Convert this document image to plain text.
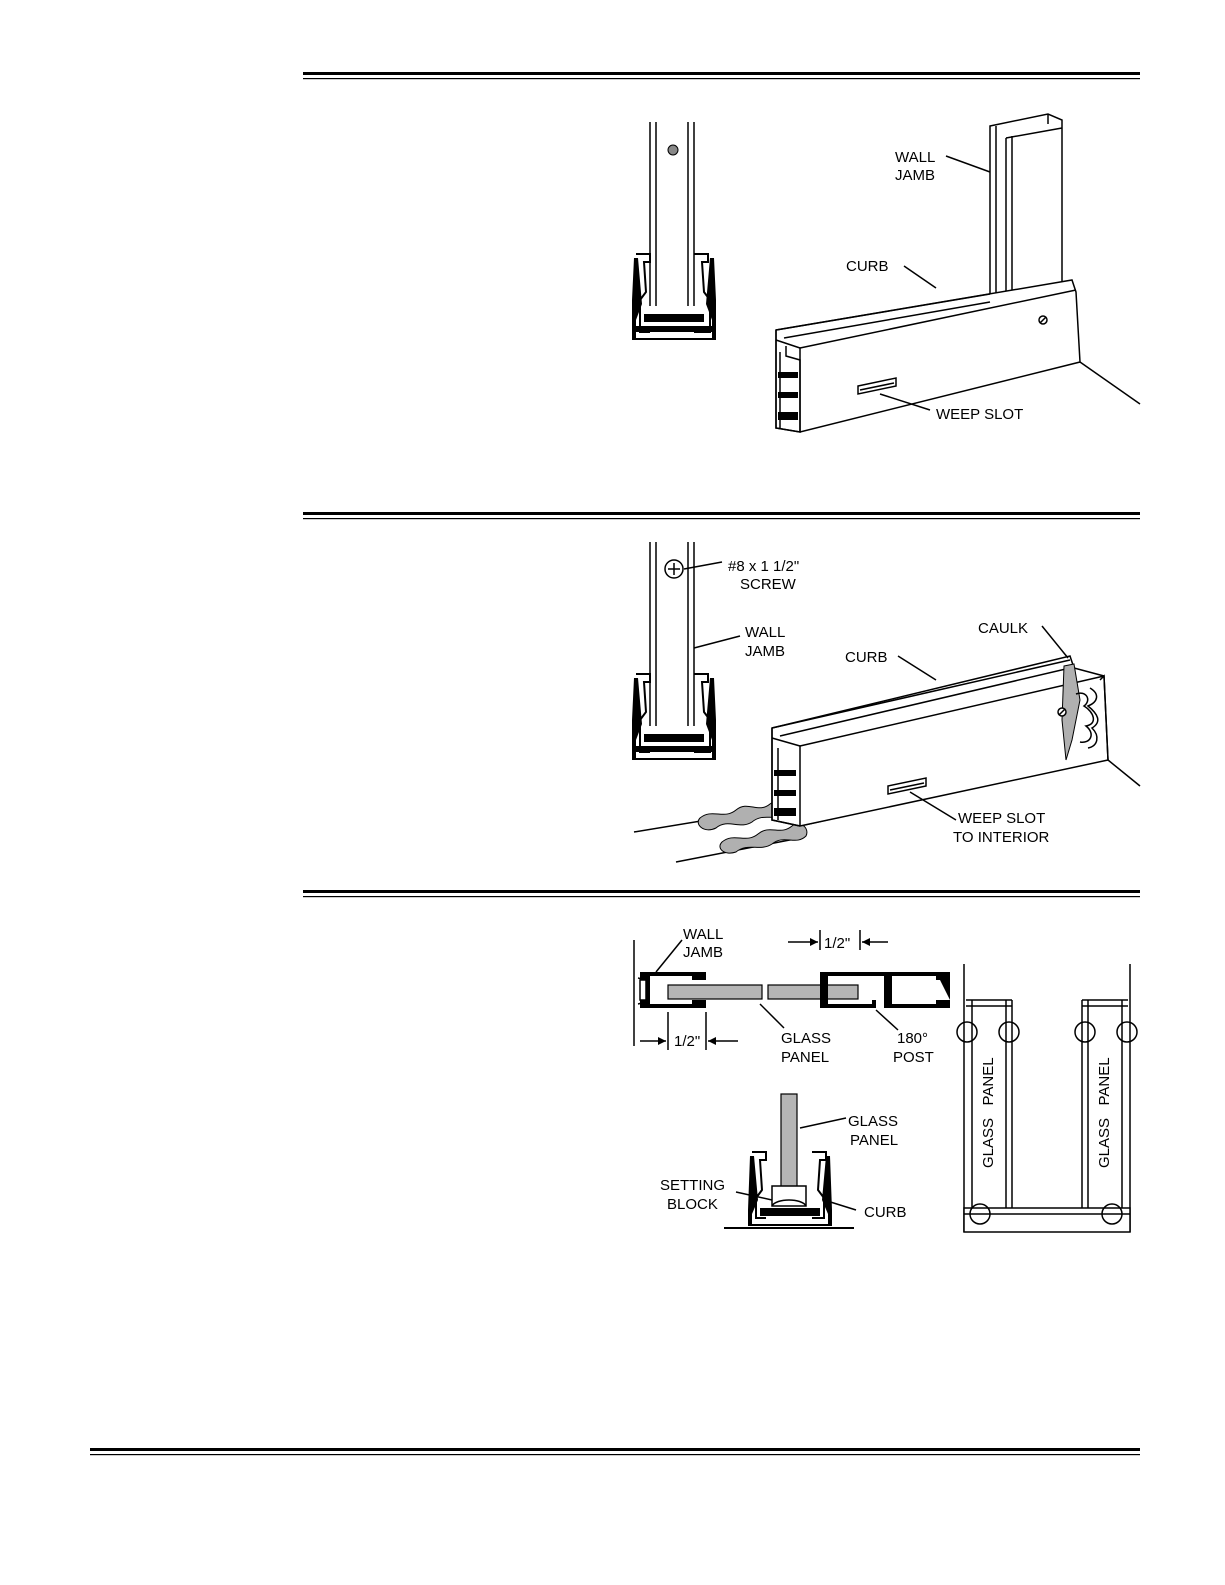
WALL
JAMB
CURB
WEEP SLOT
#8 x 1 1/2"
SCREW
WALL
JAMB	CURB
CAULK
WEEP SLOT
TO INTERIOR
WALL
JAMB
1/2"
1/2"	GLASS
PANEL
180°
POST
GLASS
PANEL
SETTING
BLOCK	CURB
GLASS   PANEL	GLASS   PANEL
